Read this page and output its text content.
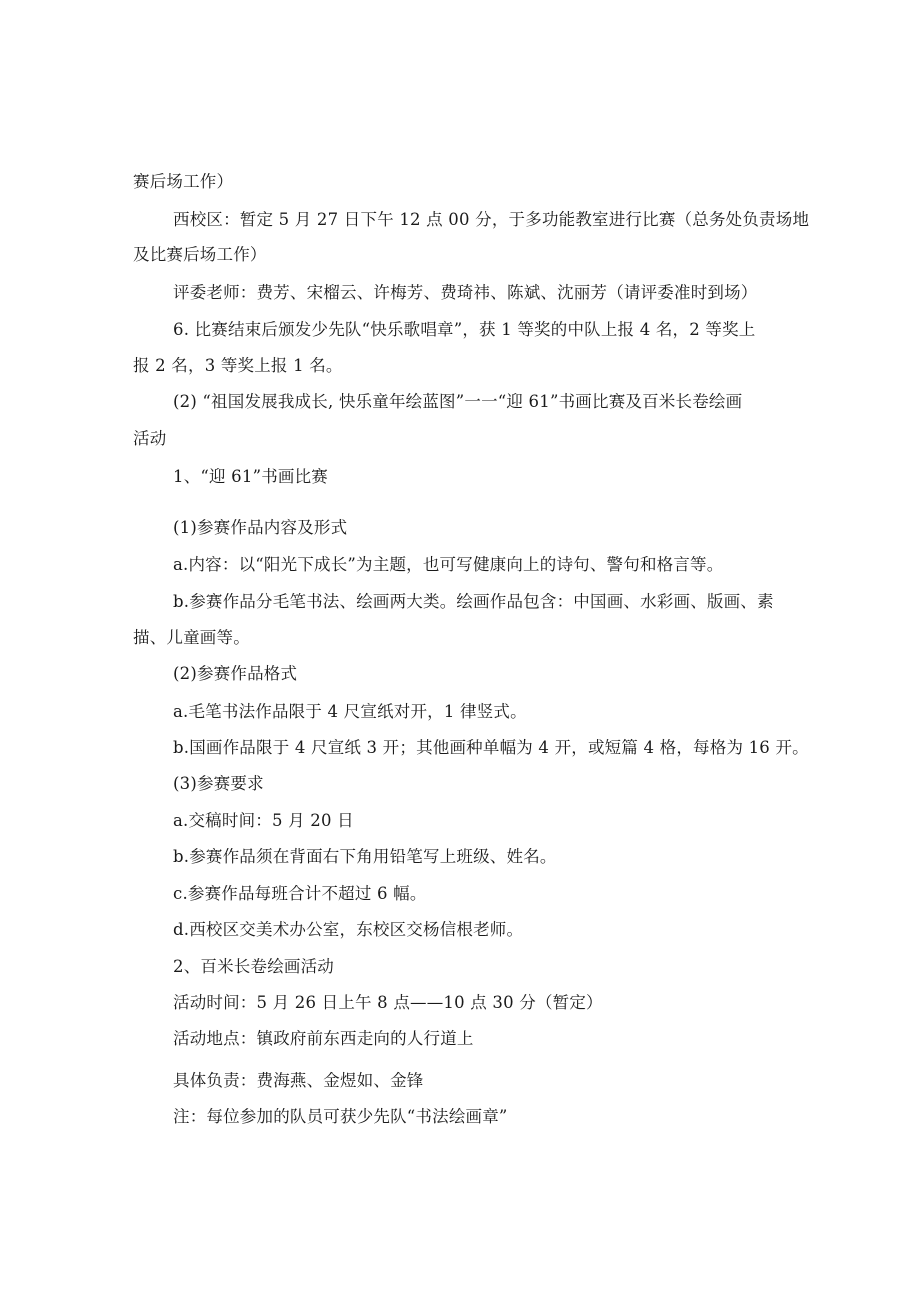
赛后场工作）
西校区：暂定 5 月 27 日下午 12 点 00 分，于多功能教室进行比赛（总务处负责场地
及比赛后场工作）
评委老师：费芳、宋榴云、许梅芳、费琦祎、陈斌、沈丽芳（请评委准时到场）
6. 比赛结束后颁发少先队“快乐歌唱章”，获 1 等奖的中队上报 4 名，2 等奖上
报 2 名，3 等奖上报 1 名。
(2) “祖国发展我成长, 快乐童年绘蓝图”一一“迎 61”书画比赛及百米长卷绘画
活动
1、“迎 61”书画比赛
(1)参赛作品内容及形式
a.内容：以“阳光下成长”为主题，也可写健康向上的诗句、警句和格言等。
b.参赛作品分毛笔书法、绘画两大类。绘画作品包含：中国画、水彩画、版画、素
描、儿童画等。
(2)参赛作品格式
a.毛笔书法作品限于 4 尺宣纸对开，1 律竖式。
b.国画作品限于 4 尺宣纸 3 开；其他画种单幅为 4 开，或短篇 4 格，每格为 16 开。
(3)参赛要求
a.交稿时间：5 月 20 日
b.参赛作品须在背面右下角用铅笔写上班级、姓名。
c.参赛作品每班合计不超过 6 幅。
d.西校区交美术办公室，东校区交杨信根老师。
2、百米长卷绘画活动
活动时间：5 月 26 日上午 8 点——10 点 30 分（暂定）
活动地点：镇政府前东西走向的人行道上
具体负责：费海燕、金煜如、金锋
注：每位参加的队员可获少先队“书法绘画章”
